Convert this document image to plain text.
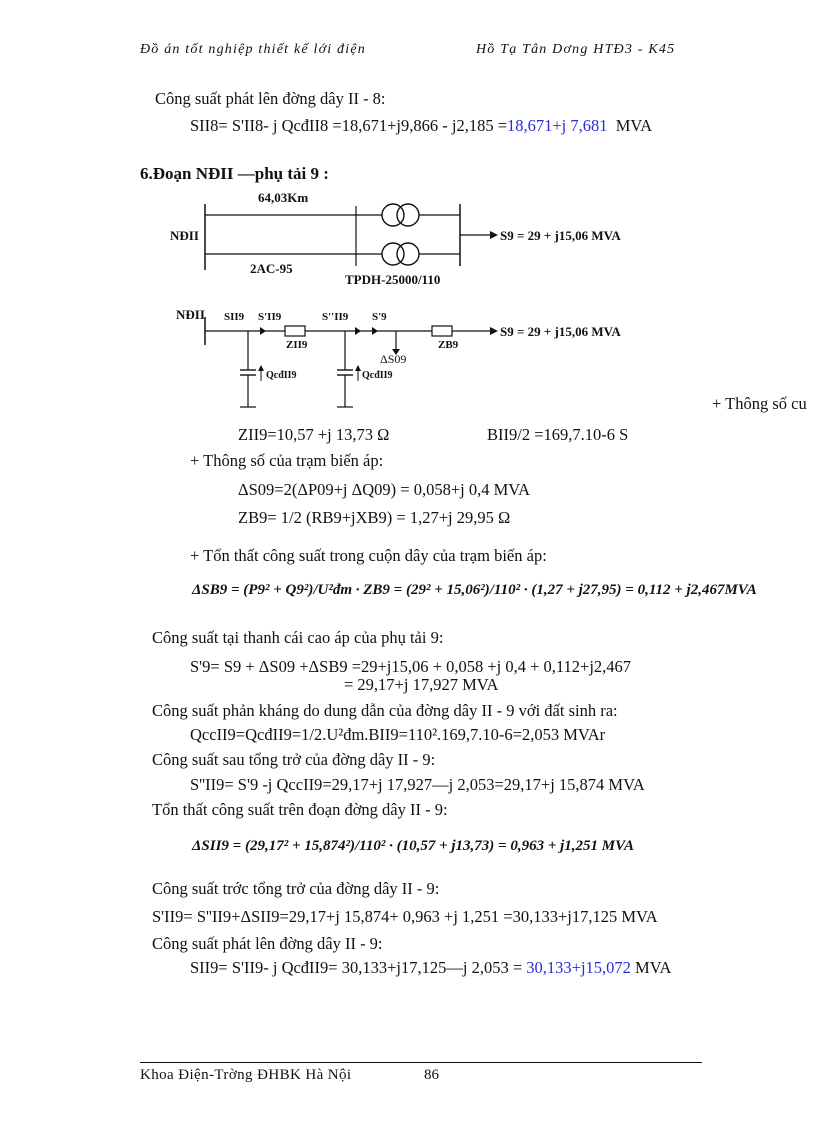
Đồ án tốt nghiệp thiết kế lới điện	Hồ Tạ Tân Dơng HTĐ3 - K45
Công suất phát lên đờng dây II - 8:
SII8= S'II8- j QcđII8 =18,671+j9,866 - j2,185 =18,671+j 7,681 MVA
6.Đoạn NĐII —phụ tải 9 :
64,03Km
NĐII
2AC-95
TPDH-25000/110
S9 = 29 + j15,06 MVA
NĐII SII9 S'II9	S''II9 S'9
ZII9	ZB9
ΔS09
QcđII9	QcđII9
S9 = 29 + j15,06 MVA
+ Thông số cu
ZII9=10,57 +j 13,73 Ω	BII9/2 =169,7.10-6 S
+ Thông số của trạm biến áp:
ΔS09=2(ΔP09+j ΔQ09) = 0,058+j 0,4 MVA
ZB9= 1/2 (RB9+jXB9) = 1,27+j 29,95 Ω
+ Tổn thất công suất trong cuộn dây của trạm biến áp:
ΔSB9 = (P9² + Q9²)/U²đm · ZB9 = (29² + 15,06²)/110² · (1,27 + j27,95) = 0,112 + j2,467MVA
Công suất tại thanh cái cao áp của phụ tải 9:
S'9= S9 + ΔS09 +ΔSB9 =29+j15,06 + 0,058 +j 0,4 + 0,112+j2,467
= 29,17+j 17,927 MVA
Công suất phản kháng do dung dẫn của đờng dây II - 9 với đất sinh ra:
QccII9=QcđII9=1/2.U²đm.BII9=110².169,7.10-6=2,053 MVAr
Công suất sau tổng trở của đờng dây II - 9:
S''II9= S'9 -j QccII9=29,17+j 17,927—j 2,053=29,17+j 15,874 MVA
Tổn thất công suất trên đoạn đờng dây II - 9:
ΔSII9 = (29,17² + 15,874²)/110² · (10,57 + j13,73) = 0,963 + j1,251 MVA
Công suất trớc tổng trở của đờng dây II - 9:
S'II9= S''II9+ΔSII9=29,17+j 15,874+ 0,963 +j 1,251 =30,133+j17,125 MVA
Công suất phát lên đờng dây II - 9:
SII9= S'II9- j QcđII9= 30,133+j17,125—j 2,053 = 30,133+j15,072 MVA
Khoa Điện-Trờng ĐHBK Hà Nội	86
